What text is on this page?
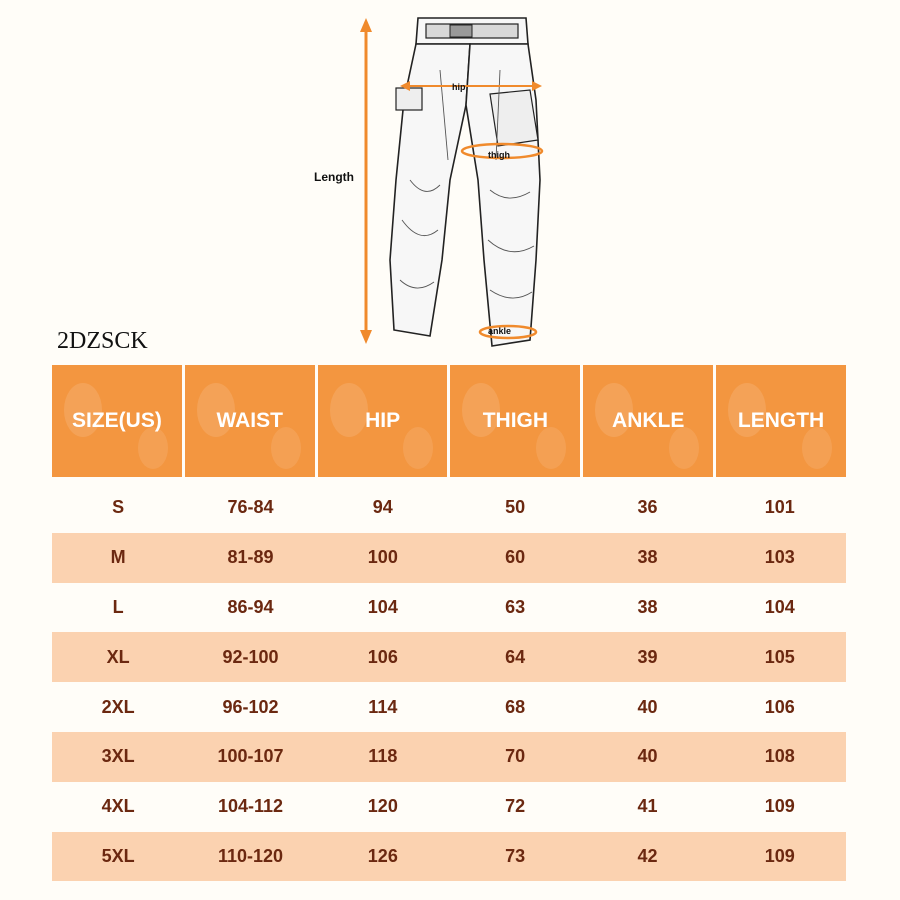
hip
thigh
Length
ankle
2DZSCK
SIZE(US)	WAIST	HIP	THIGH	ANKLE	LENGTH
S	76-84	94	50	36	101
M	81-89	100	60	38	103
L	86-94	104	63	38	104
XL	92-100	106	64	39	105
2XL	96-102	114	68	40	106
3XL	100-107	118	70	40	108
4XL	104-112	120	72	41	109
5XL	110-120	126	73	42	109
